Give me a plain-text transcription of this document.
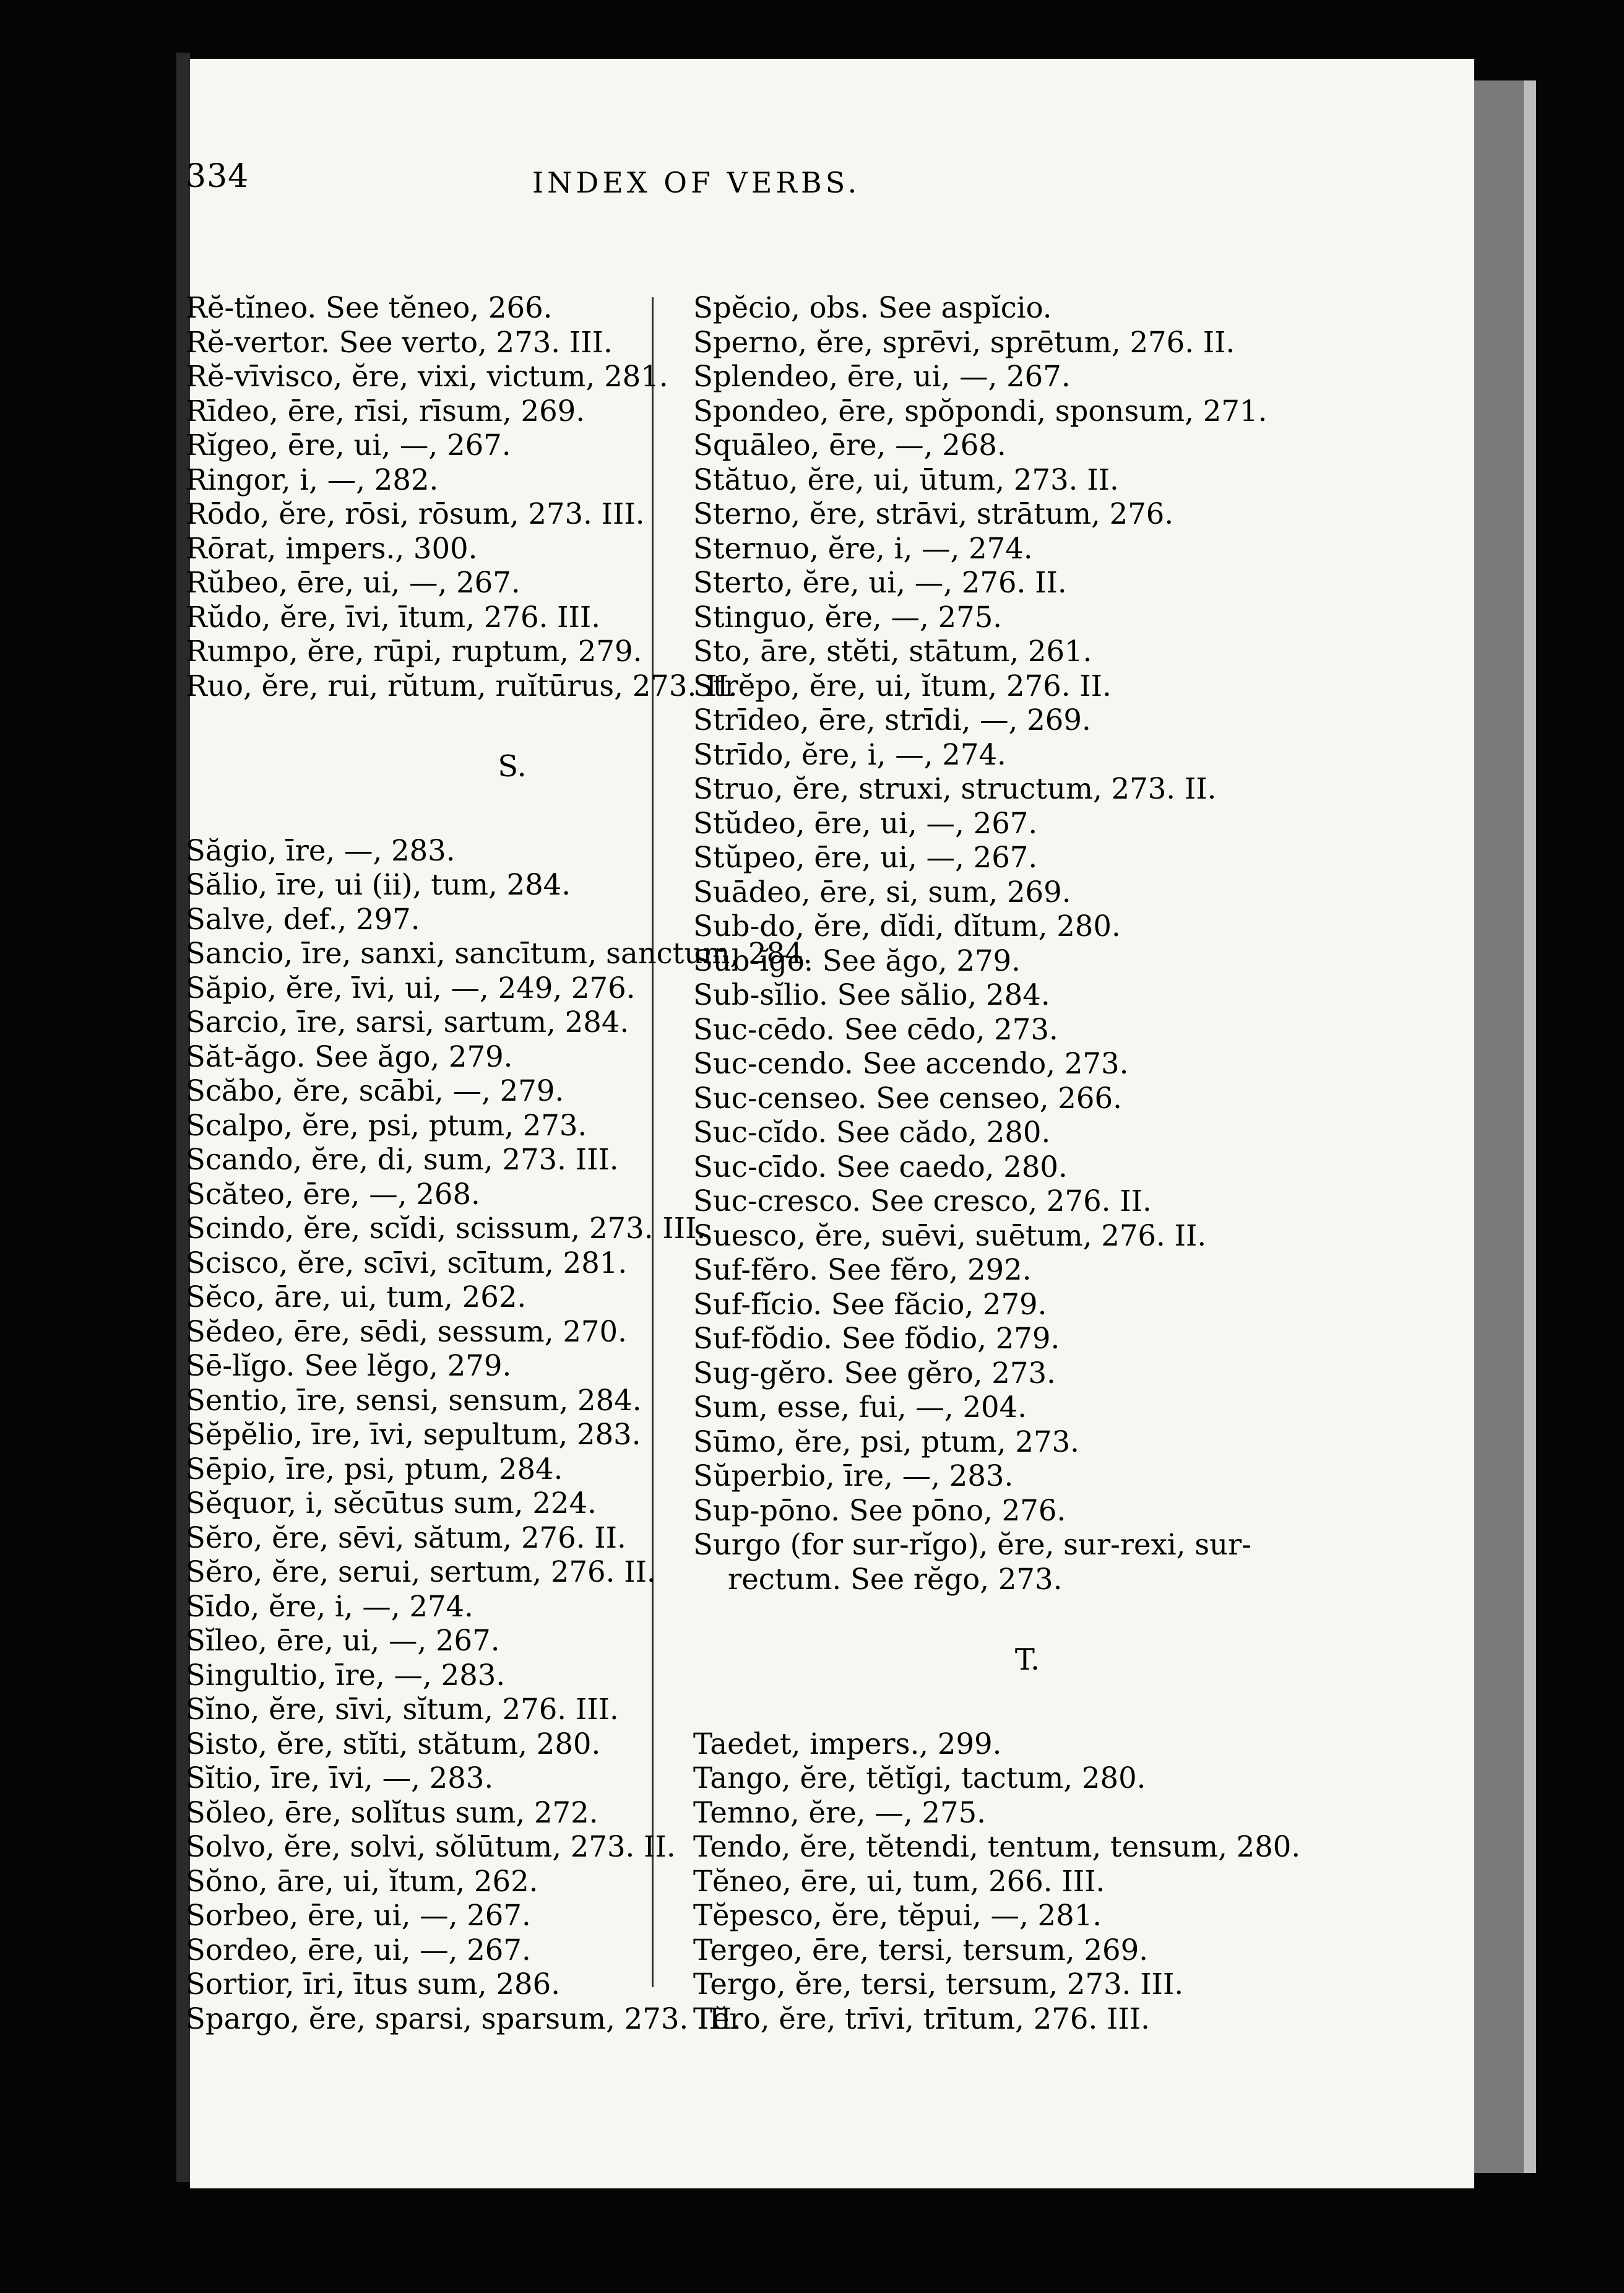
334	INDEX OF VERBS.
Rĕ-tĭneo. See tĕneo, 266.
Rĕ-vertor. See verto, 273. III.
Rĕ-vīvisco, ĕre, vixi, victum, 281.
Rīdeo, ēre, rīsi, rīsum, 269.
Rĭgeo, ēre, ui, —, 267.
Ringor, i, —, 282.
Rōdo, ĕre, rōsi, rōsum, 273. III.
Rōrat, impers., 300.
Rŭbeo, ēre, ui, —, 267.
Rŭdo, ĕre, īvi, ītum, 276. III.
Rumpo, ĕre, rūpi, ruptum, 279.
Ruo, ĕre, rui, rŭtum, ruĭtūrus, 273. II.
S.
Săgio, īre, —, 283.
Sălio, īre, ui (ii), tum, 284.
Salve, def., 297.
Sancio, īre, sanxi, sancītum, sanctum, 284.
Săpio, ĕre, īvi, ui, —, 249, 276.
Sarcio, īre, sarsi, sartum, 284.
Săt-ăgo. See ăgo, 279.
Scăbo, ĕre, scābi, —, 279.
Scalpo, ĕre, psi, ptum, 273.
Scando, ĕre, di, sum, 273. III.
Scăteo, ēre, —, 268.
Scindo, ĕre, scĭdi, scissum, 273. III.
Scisco, ĕre, scīvi, scītum, 281.
Sĕco, āre, ui, tum, 262.
Sĕdeo, ēre, sēdi, sessum, 270.
Sē-lĭgo. See lĕgo, 279.
Sentio, īre, sensi, sensum, 284.
Sĕpĕlio, īre, īvi, sepultum, 283.
Sēpio, īre, psi, ptum, 284.
Sĕquor, i, sĕcūtus sum, 224.
Sĕro, ĕre, sēvi, sătum, 276. II.
Sĕro, ĕre, serui, sertum, 276. II.
Sīdo, ĕre, i, —, 274.
Sĭleo, ēre, ui, —, 267.
Singultio, īre, —, 283.
Sĭno, ĕre, sīvi, sĭtum, 276. III.
Sisto, ĕre, stĭti, stătum, 280.
Sĭtio, īre, īvi, —, 283.
Sŏleo, ēre, solĭtus sum, 272.
Solvo, ĕre, solvi, sŏlūtum, 273. II.
Sŏno, āre, ui, ĭtum, 262.
Sorbeo, ēre, ui, —, 267.
Sordeo, ēre, ui, —, 267.
Sortior, īri, ītus sum, 286.
Spargo, ĕre, sparsi, sparsum, 273. III.
Spĕcio, obs. See aspĭcio.
Sperno, ĕre, sprēvi, sprētum, 276. II.
Splendeo, ēre, ui, —, 267.
Spondeo, ēre, spŏpondi, sponsum, 271.
Squāleo, ēre, —, 268.
Stătuo, ĕre, ui, ūtum, 273. II.
Sterno, ĕre, strāvi, strātum, 276.
Sternuo, ĕre, i, —, 274.
Sterto, ĕre, ui, —, 276. II.
Stinguo, ĕre, —, 275.
Sto, āre, stĕti, stātum, 261.
Strĕpo, ĕre, ui, ĭtum, 276. II.
Strīdeo, ēre, strīdi, —, 269.
Strīdo, ĕre, i, —, 274.
Struo, ĕre, struxi, structum, 273. II.
Stŭdeo, ēre, ui, —, 267.
Stŭpeo, ēre, ui, —, 267.
Suādeo, ēre, si, sum, 269.
Sub-do, ĕre, dĭdi, dĭtum, 280.
Sŭb-ĭgo. See ăgo, 279.
Sub-sĭlio. See sălio, 284.
Suc-cēdo. See cēdo, 273.
Suc-cendo. See accendo, 273.
Suc-censeo. See censeo, 266.
Suc-cĭdo. See cădo, 280.
Suc-cīdo. See caedo, 280.
Suc-cresco. See cresco, 276. II.
Suesco, ĕre, suēvi, suētum, 276. II.
Suf-fĕro. See fĕro, 292.
Suf-fĭcio. See făcio, 279.
Suf-fŏdio. See fŏdio, 279.
Sug-gĕro. See gĕro, 273.
Sum, esse, fui, —, 204.
Sūmo, ĕre, psi, ptum, 273.
Sŭperbio, īre, —, 283.
Sup-pōno. See pōno, 276.
Surgo (for sur-rĭgo), ĕre, sur-rexi, sur-rectum. See rĕgo, 273.
T.
Taedet, impers., 299.
Tango, ĕre, tĕtĭgi, tactum, 280.
Temno, ĕre, —, 275.
Tendo, ĕre, tĕtendi, tentum, tensum, 280.
Tĕneo, ēre, ui, tum, 266. III.
Tĕpesco, ĕre, tĕpui, —, 281.
Tergeo, ēre, tersi, tersum, 269.
Tergo, ĕre, tersi, tersum, 273. III.
Tĕro, ĕre, trīvi, trītum, 276. III.
